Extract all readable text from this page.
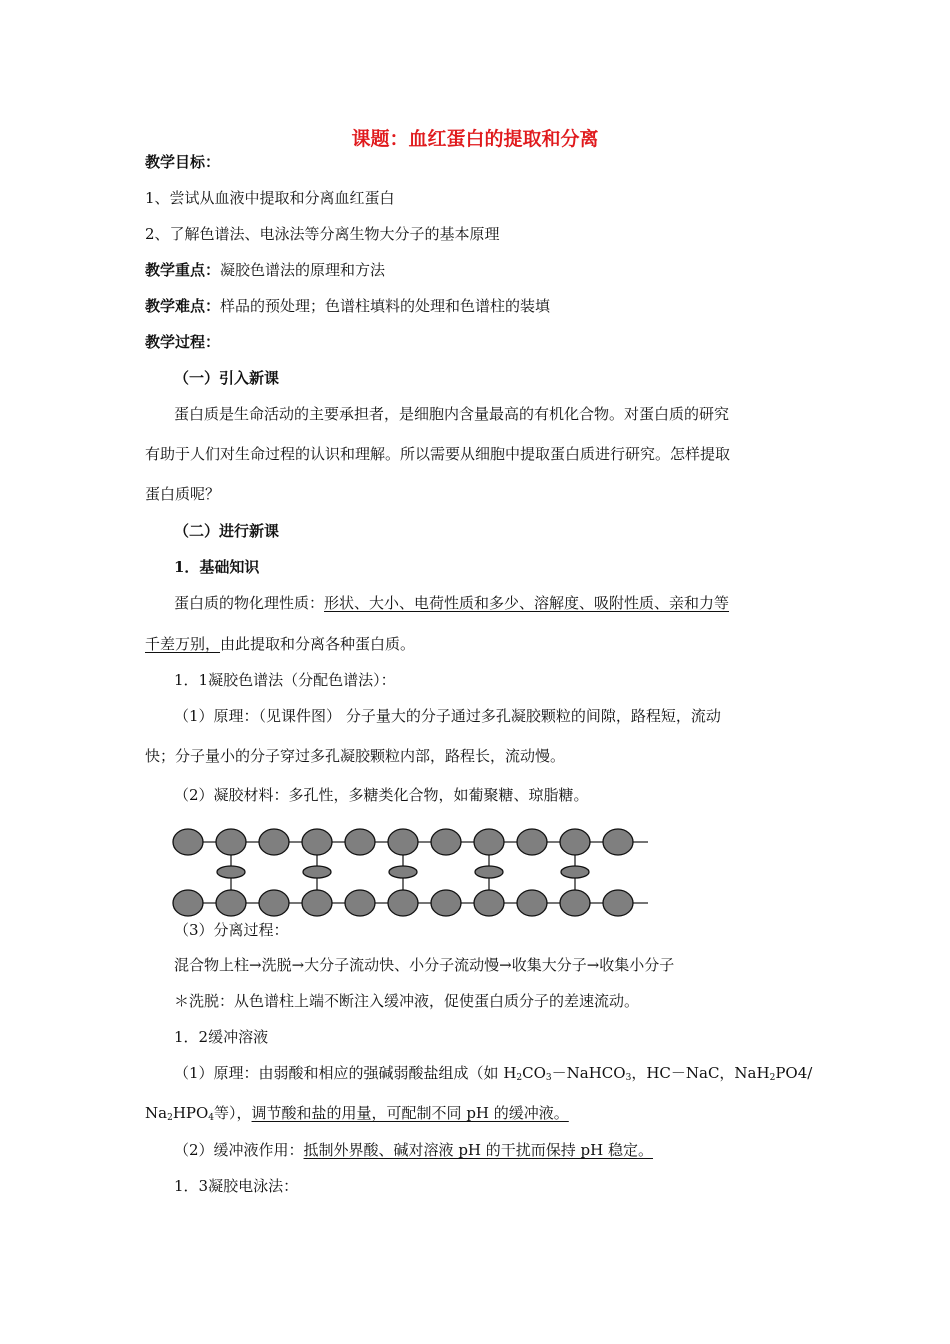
课题：血红蛋白的提取和分离
教学目标：
1、尝试从血液中提取和分离血红蛋白
2、了解色谱法、电泳法等分离生物大分子的基本原理
教学重点：凝胶色谱法的原理和方法
教学难点：样品的预处理；色谱柱填料的处理和色谱柱的装填
教学过程：
（一）引入新课
蛋白质是生命活动的主要承担者，是细胞内含量最高的有机化合物。对蛋白质的研究
有助于人们对生命过程的认识和理解。所以需要从细胞中提取蛋白质进行研究。怎样提取
蛋白质呢？
（二）进行新课
1．基础知识
蛋白质的物化理性质：形状、大小、电荷性质和多少、溶解度、吸附性质、亲和力等
千差万别，由此提取和分离各种蛋白质。
1．1凝胶色谱法（分配色谱法）：
（1）原理：（见课件图） 分子量大的分子通过多孔凝胶颗粒的间隙，路程短，流动
快；分子量小的分子穿过多孔凝胶颗粒内部，路程长，流动慢。
（2）凝胶材料：多孔性，多糖类化合物，如葡聚糖、琼脂糖。
（3）分离过程：
混合物上柱→洗脱→大分子流动快、小分子流动慢→收集大分子→收集小分子
＊洗脱：从色谱柱上端不断注入缓冲液，促使蛋白质分子的差速流动。
1．2缓冲溶液
（1）原理：由弱酸和相应的强碱弱酸盐组成（如 $H_2CO_3-NaHCO_3$，HC－NaC，NaH$_2$PO4/
$Na_2HPO_4$等），调节酸和盐的用量，可配制不同 pH 的缓冲液。
（2）缓冲液作用：抵制外界酸、碱对溶液 pH 的干扰而保持 pH 稳定。
1．3凝胶电泳法：
